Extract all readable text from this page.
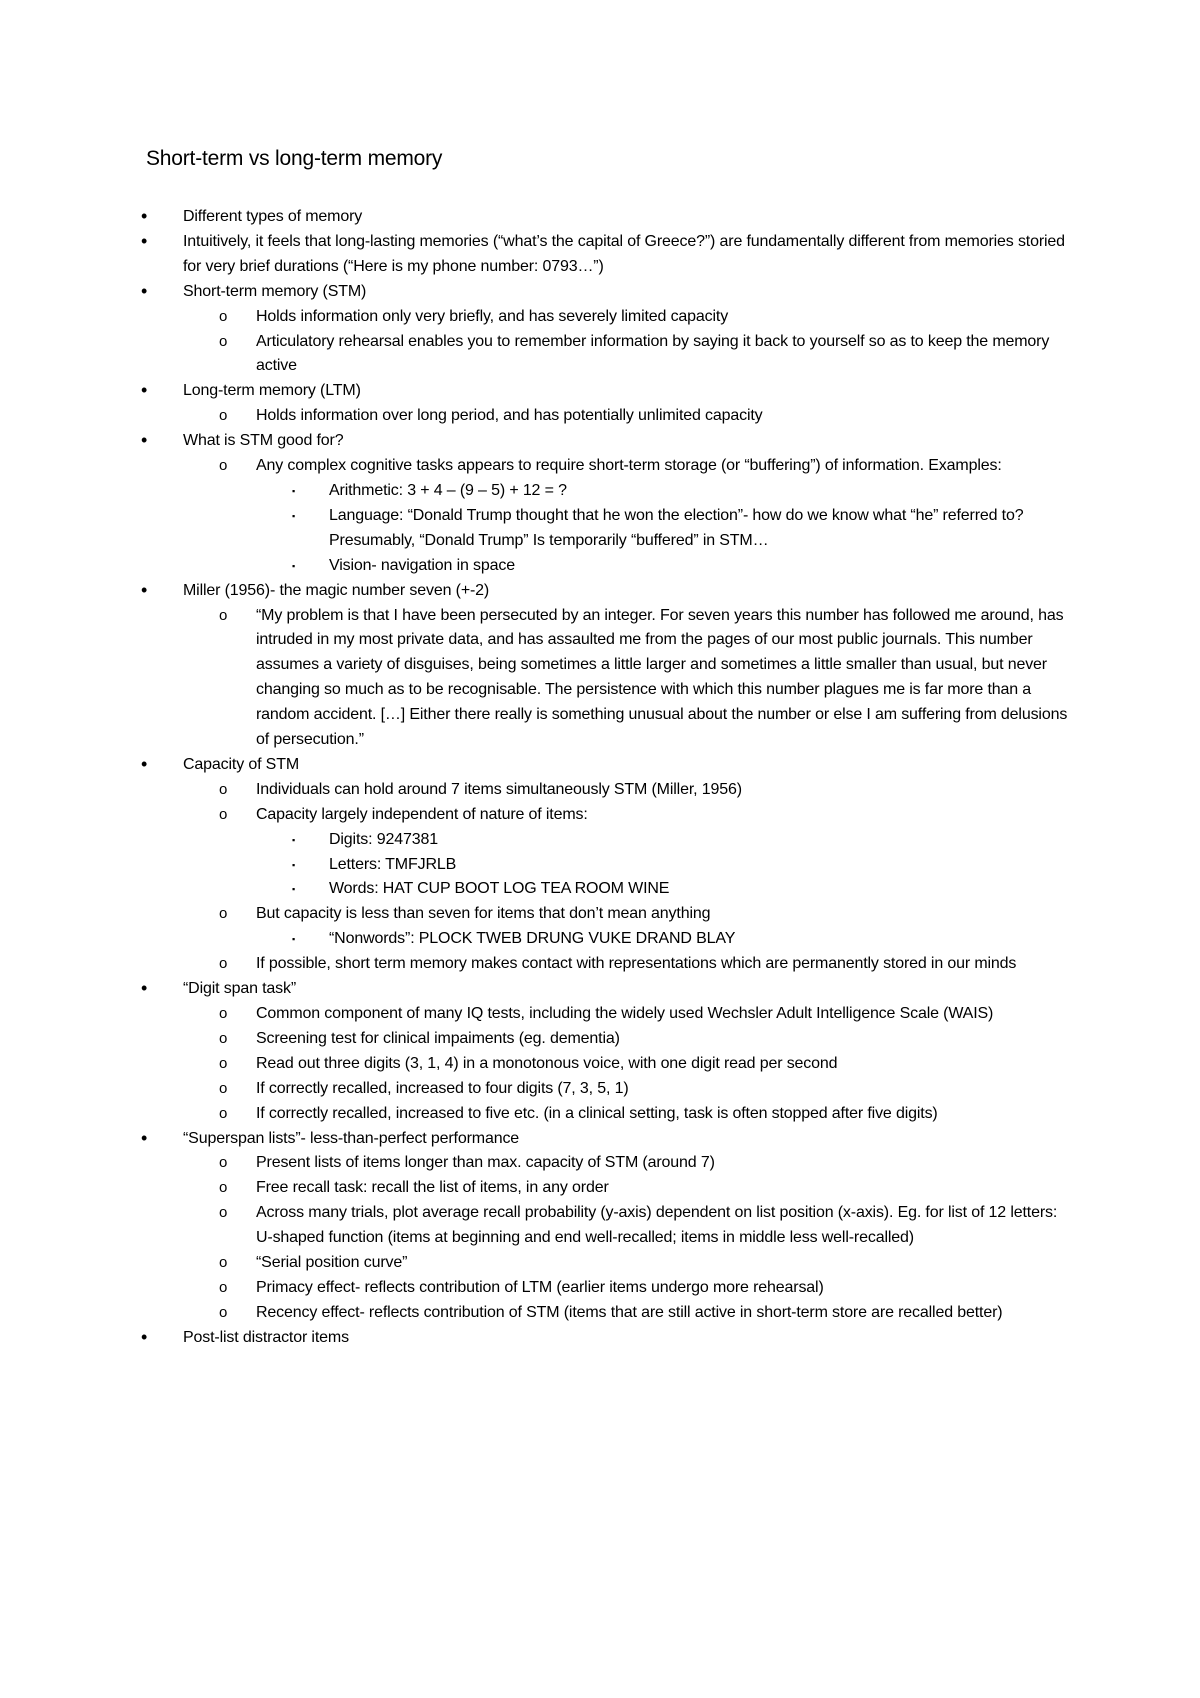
Short-term vs long-term memory
• Different types of memory
• Intuitively, it feels that long-lasting memories (“what’s the capital of Greece?”) are fundamentally different from memories storied for very brief durations (“Here is my phone number: 0793…”)
• Short-term memory (STM)
o Holds information only very briefly, and has severely limited capacity
o Articulatory rehearsal enables you to remember information by saying it back to yourself so as to keep the memory active
• Long-term memory (LTM)
o Holds information over long period, and has potentially unlimited capacity
• What is STM good for?
o Any complex cognitive tasks appears to require short-term storage (or “buffering”) of information. Examples:
▪ Arithmetic: 3 + 4 – (9 – 5) + 12 = ?
▪ Language: “Donald Trump thought that he won the election”- how do we know what “he” referred to? Presumably, “Donald Trump” Is temporarily “buffered” in STM…
▪ Vision- navigation in space
• Miller (1956)- the magic number seven (+-2)
o “My problem is that I have been persecuted by an integer. For seven years this number has followed me around, has intruded in my most private data, and has assaulted me from the pages of our most public journals. This number assumes a variety of disguises, being sometimes a little larger and sometimes a little smaller than usual, but never changing so much as to be recognisable. The persistence with which this number plagues me is far more than a random accident. […] Either there really is something unusual about the number or else I am suffering from delusions of persecution.”
• Capacity of STM
o Individuals can hold around 7 items simultaneously STM (Miller, 1956)
o Capacity largely independent of nature of items:
▪ Digits: 9247381
▪ Letters: TMFJRLB
▪ Words: HAT CUP BOOT LOG TEA ROOM WINE
o But capacity is less than seven for items that don’t mean anything
▪ “Nonwords”: PLOCK TWEB DRUNG VUKE DRAND BLAY
o If possible, short term memory makes contact with representations which are permanently stored in our minds
• “Digit span task”
o Common component of many IQ tests, including the widely used Wechsler Adult Intelligence Scale (WAIS)
o Screening test for clinical impaiments (eg. dementia)
o Read out three digits (3, 1, 4) in a monotonous voice, with one digit read per second
o If correctly recalled, increased to four digits (7, 3, 5, 1)
o If correctly recalled, increased to five etc. (in a clinical setting, task is often stopped after five digits)
• “Superspan lists”- less-than-perfect performance
o Present lists of items longer than max. capacity of STM (around 7)
o Free recall task: recall the list of items, in any order
o Across many trials, plot average recall probability (y-axis) dependent on list position (x-axis). Eg. for list of 12 letters: U-shaped function (items at beginning and end well-recalled; items in middle less well-recalled)
o “Serial position curve”
o Primacy effect- reflects contribution of LTM (earlier items undergo more rehearsal)
o Recency effect- reflects contribution of STM (items that are still active in short-term store are recalled better)
• Post-list distractor items
